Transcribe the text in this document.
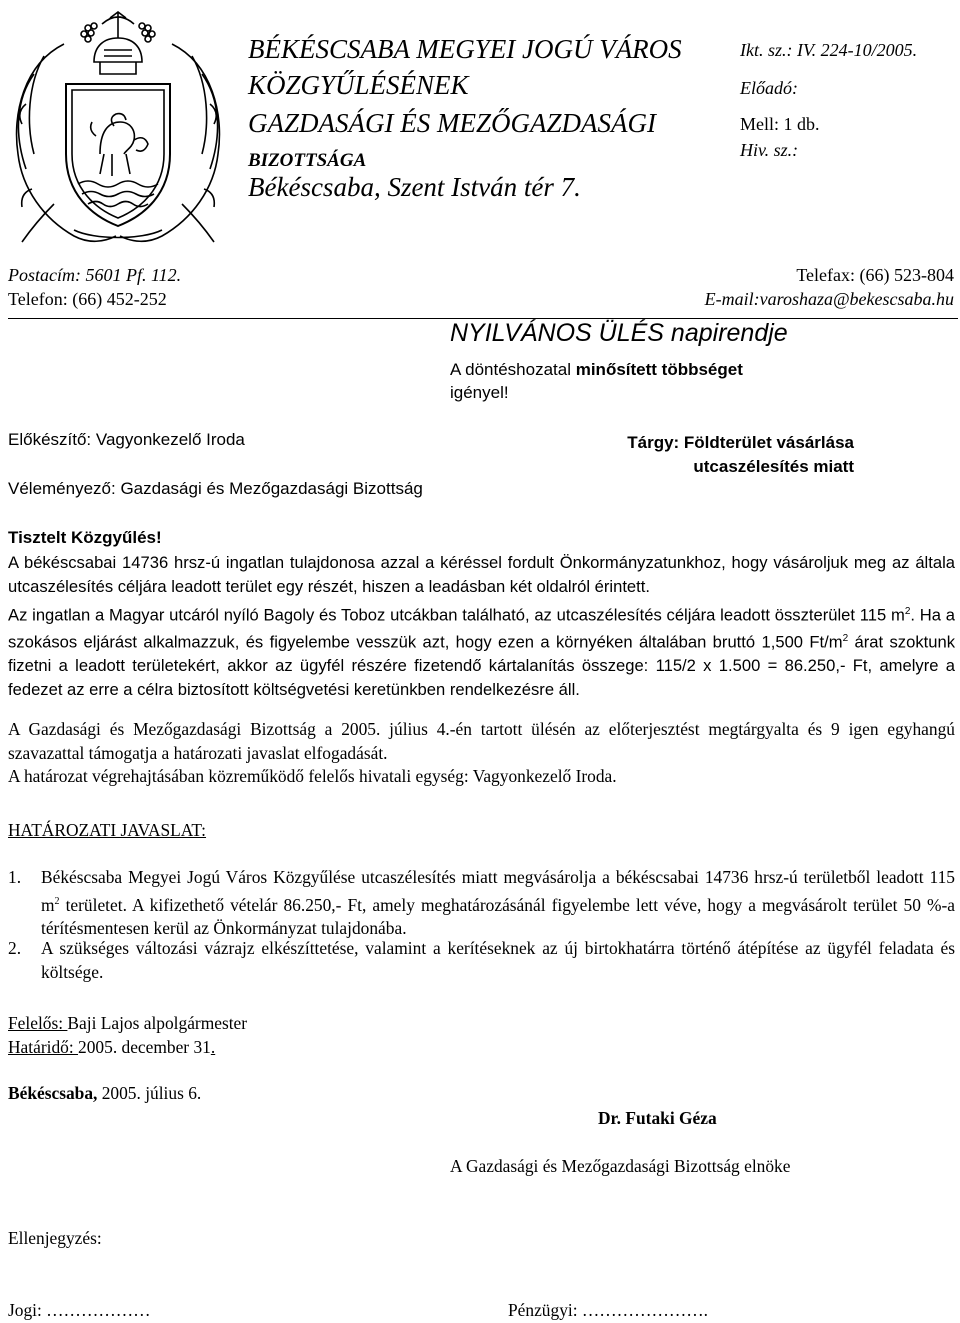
BÉKÉSCSABA MEGYEI JOGÚ VÁROS
KÖZGYŰLÉSÉNEK
GAZDASÁGI ÉS MEZŐGAZDASÁGI
BIZOTTSÁGA
Békéscsaba, Szent István tér 7.
Ikt. sz.: IV. 224-10/2005.
Előadó:
Mell: 1 db.
Hiv. sz.:
Postacím: 5601 Pf. 112.
Telefon: (66) 452-252
Telefax: (66) 523-804
E-mail:varoshaza@bekescsaba.hu
NYILVÁNOS ÜLÉS napirendje
A döntéshozatal minősített többséget
igényel!
Előkészítő: Vagyonkezelő Iroda
Véleményező: Gazdasági és Mezőgazdasági Bizottság
Tárgy: Földterület vásárlása
utcaszélesítés miatt
Tisztelt Közgyűlés!
A békéscsabai 14736 hrsz-ú ingatlan tulajdonosa azzal a kéréssel fordult Önkormányzatunkhoz, hogy vásároljuk meg az általa utcaszélesítés céljára leadott terület egy részét, hiszen a leadásban két oldalról érintett.
Az ingatlan a Magyar utcáról nyíló Bagoly és Toboz utcákban található, az utcaszélesítés céljára leadott összterület 115 $m^2$. Ha a szokásos eljárást alkalmazzuk, és figyelembe vesszük azt, hogy ezen a környéken általában bruttó 1,500 $Ft/m^2$ árat szoktunk fizetni a leadott területekért, akkor az ügyfél részére fizetendő kártalanítás összege: 115/2 x 1.500 = 86.250,- Ft, amelyre a fedezet az erre a célra biztosított költségvetési keretünkben rendelkezésre áll.
A Gazdasági és Mezőgazdasági Bizottság a 2005. július 4.-én tartott ülésén az előterjesztést megtárgyalta és 9 igen egyhangú szavazattal támogatja a határozati javaslat elfogadását.
A határozat végrehajtásában közreműködő felelős hivatali egység: Vagyonkezelő Iroda.
HATÁROZATI JAVASLAT:
1. Békéscsaba Megyei Jogú Város Közgyűlése utcaszélesítés miatt megvásárolja a békéscsabai 14736 hrsz-ú területből leadott 115 $m^2$ területet. A kifizethető vételár 86.250,- Ft, amely meghatározásánál figyelembe lett véve, hogy a megvásárolt terület 50 %-a térítésmentesen kerül az Önkormányzat tulajdonába.
2. A szükséges változási vázrajz elkészíttetése, valamint a kerítéseknek az új birtokhatárra történő átépítése az ügyfél feladata és költsége.
Felelős: Baji Lajos alpolgármester
Határidő: 2005. december 31.
Békéscsaba, 2005. július 6.
Dr. Futaki Géza
A Gazdasági és Mezőgazdasági Bizottság elnöke
Ellenjegyzés:
Jogi: ………………	Pénzügyi: ………………….
